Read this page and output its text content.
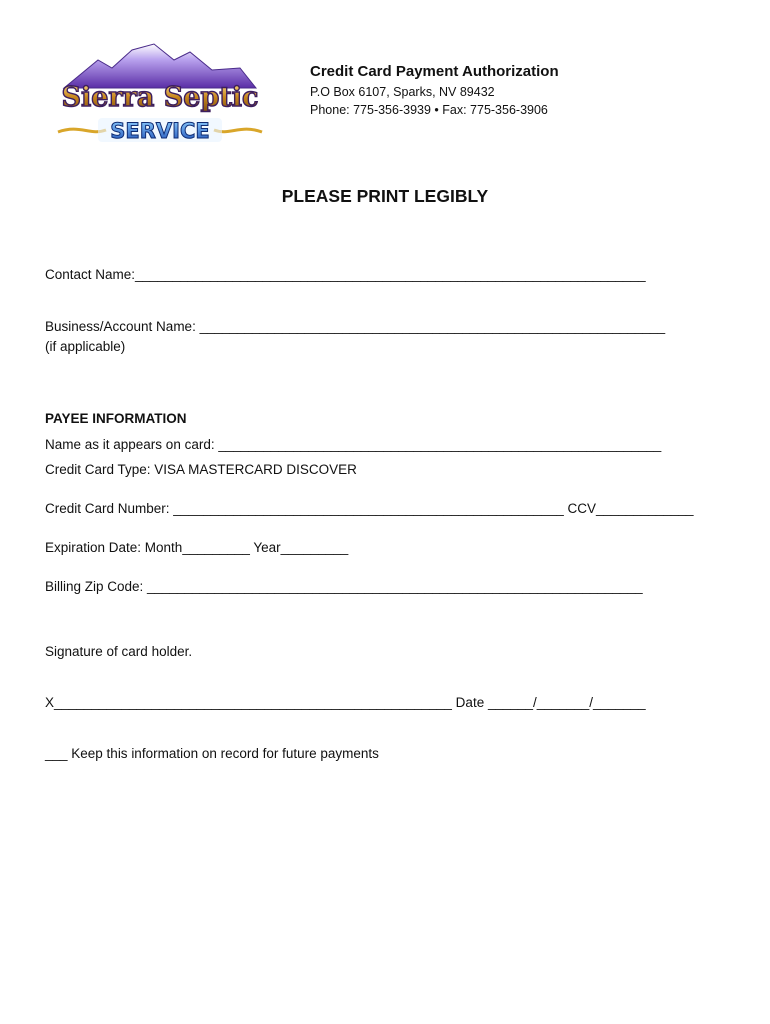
Sierra Septic
SERVICE
Credit Card Payment Authorization
P.O Box 6107, Sparks, NV 89432
Phone: 775-356-3939 • Fax: 775-356-3906
PLEASE PRINT LEGIBLY
Contact Name:____________________________________________________________________
Business/Account Name: ______________________________________________________________
(if applicable)
PAYEE INFORMATION
Name as it appears on card: ___________________________________________________________
Credit Card Type: VISA MASTERCARD DISCOVER
Credit Card Number: ____________________________________________________ CCV_____________
Expiration Date: Month_________ Year_________
Billing Zip Code: __________________________________________________________________
Signature of card holder.
X_____________________________________________________ Date ______/_______/_______
___ Keep this information on record for future payments
